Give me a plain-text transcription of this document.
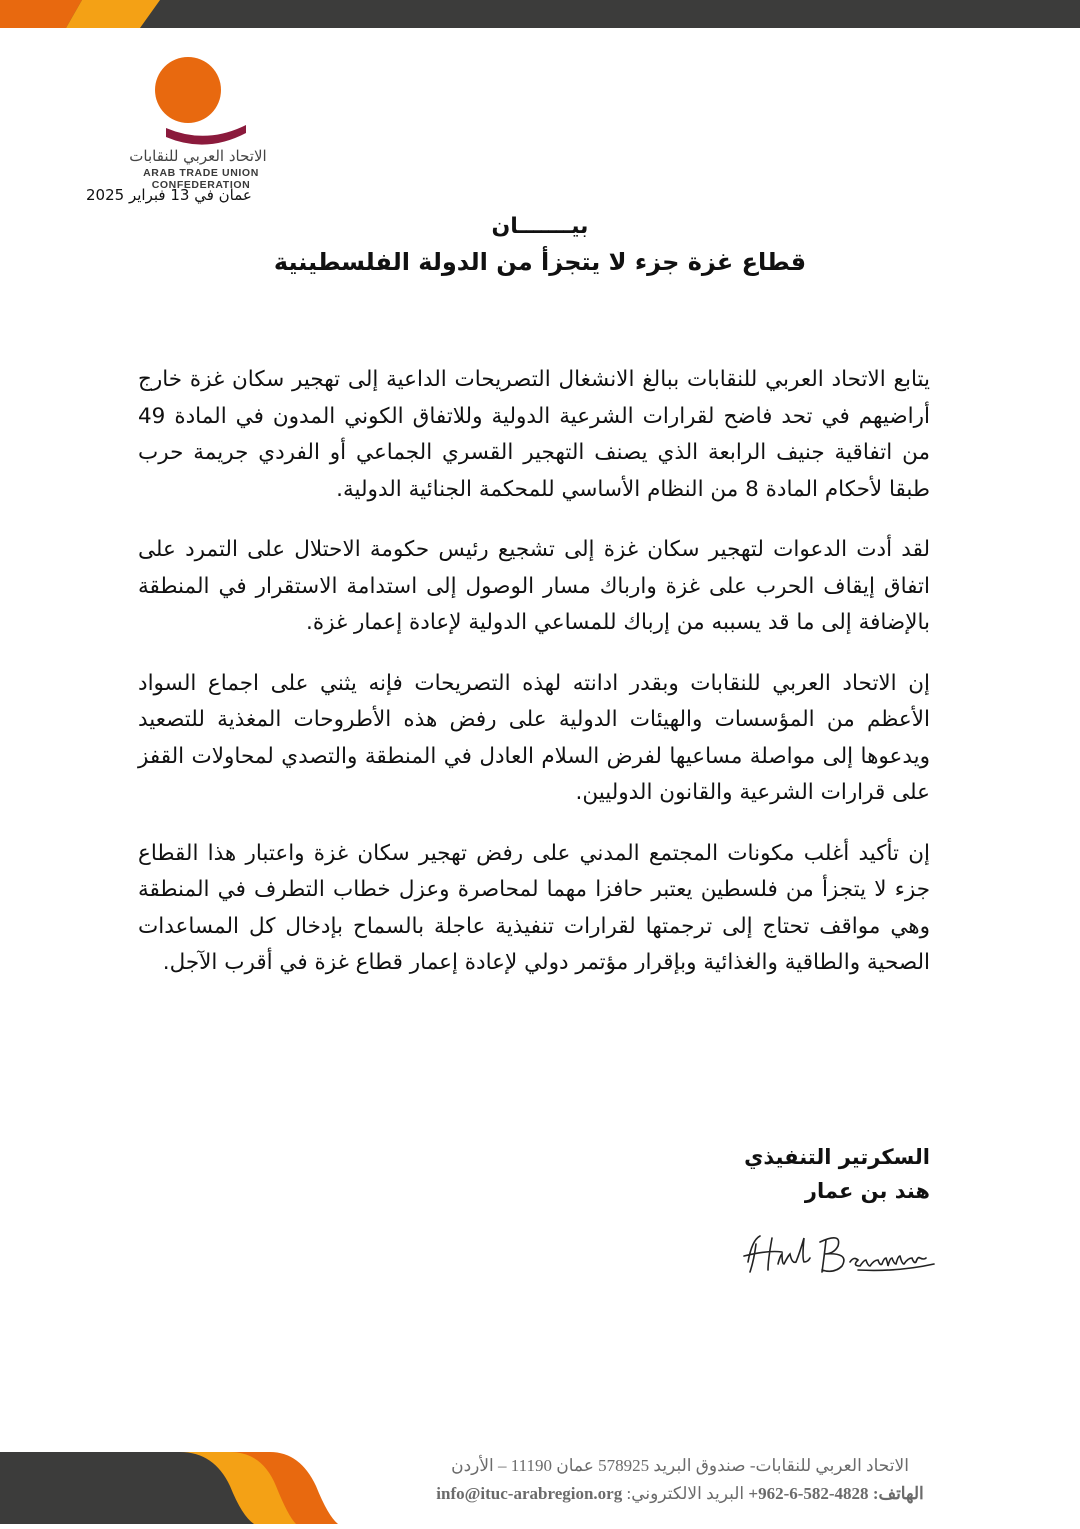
الاتحاد العربي للنقابات
ARAB TRADE UNION CONFEDERATION
عمان في 13 فبراير 2025
بيـــــــان
قطاع غزة جزء لا يتجزأ من الدولة الفلسطينية

يتابع الاتحاد العربي للنقابات ببالغ الانشغال التصريحات الداعية إلى تهجير سكان غزة خارج أراضيهم في تحد فاضح لقرارات الشرعية الدولية وللاتفاق الكوني المدون في المادة 49 من اتفاقية جنيف الرابعة الذي يصنف التهجير القسري الجماعي أو الفردي جريمة حرب طبقا لأحكام المادة 8 من النظام الأساسي للمحكمة الجنائية الدولية.

لقد أدت الدعوات لتهجير سكان غزة إلى تشجيع رئيس حكومة الاحتلال على التمرد على اتفاق إيقاف الحرب على غزة وارباك مسار الوصول إلى استدامة الاستقرار في المنطقة بالإضافة إلى ما قد يسببه من إرباك للمساعي الدولية لإعادة إعمار غزة.

إن الاتحاد العربي للنقابات وبقدر ادانته لهذه التصريحات فإنه يثني على اجماع السواد الأعظم من المؤسسات والهيئات الدولية على رفض هذه الأطروحات المغذية للتصعيد ويدعوها إلى مواصلة مساعيها لفرض السلام العادل في المنطقة والتصدي لمحاولات القفز على قرارات الشرعية والقانون الدوليين.

إن تأكيد أغلب مكونات المجتمع المدني على رفض تهجير سكان غزة واعتبار هذا القطاع جزء لا يتجزأ من فلسطين يعتبر حافزا مهما لمحاصرة وعزل خطاب التطرف في المنطقة وهي مواقف تحتاج إلى ترجمتها لقرارات تنفيذية عاجلة بالسماح بإدخال كل المساعدات الصحية والطاقية والغذائية وبإقرار مؤتمر دولي لإعادة إعمار قطاع غزة في أقرب الآجل.

السكرتير التنفيذي
هند بن عمار
الاتحاد العربي للنقابات- صندوق البريد 578925 عمان 11190 – الأردن
الهاتف: +962-6-582-4828 البريد الالكتروني: info@ituc-arabregion.org
